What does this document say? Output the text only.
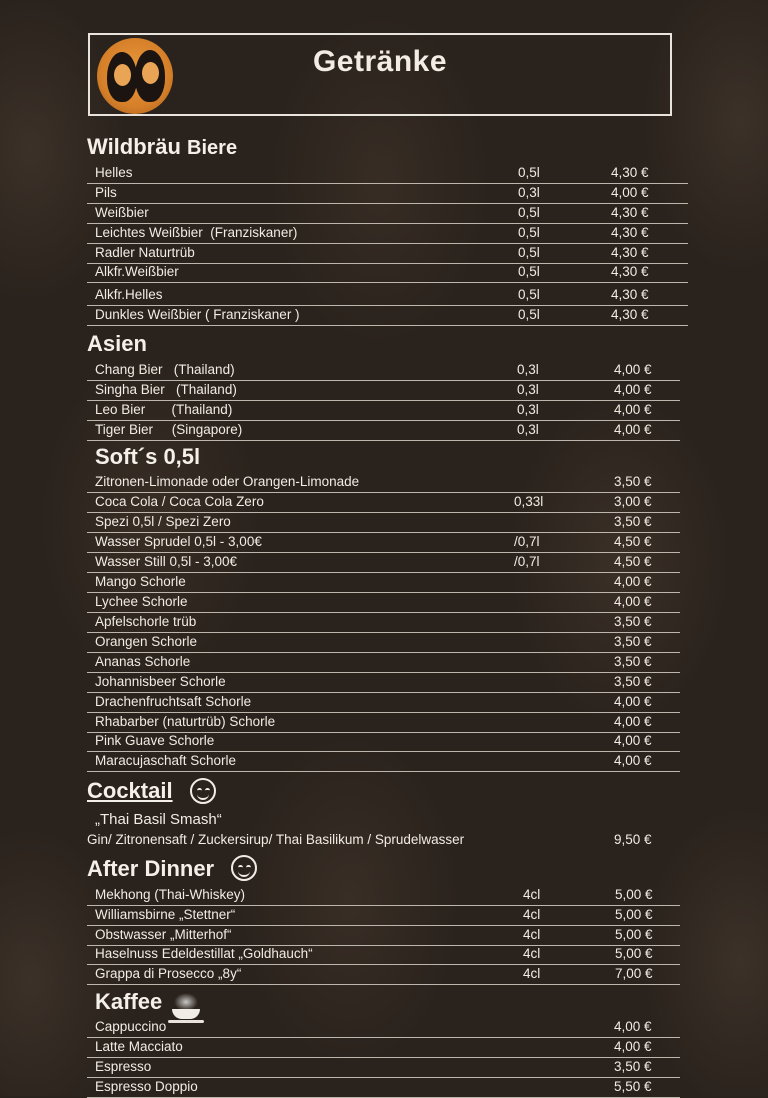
Getränke
Wildbräu Biere
Helles	0,5l	4,30 €
Pils	0,3l	4,00 €
Weißbier	0,5l	4,30 €
Leichtes Weißbier  (Franziskaner)	0,5l	4,30 €
Radler Naturtrüb	0,5l	4,30 €
Alkfr.Weißbier	0,5l	4,30 €
Alkfr.Helles	0,5l	4,30 €
Dunkles Weißbier ( Franziskaner )	0,5l	4,30 €
Asien
Chang Bier   (Thailand)	0,3l	4,00 €
Singha Bier   (Thailand)	0,3l	4,00 €
Leo Bier       (Thailand)	0,3l	4,00 €
Tiger Bier     (Singapore)	0,3l	4,00 €
Soft´s 0,5l
Zitronen-Limonade oder Orangen-Limonade	3,50 €
Coca Cola / Coca Cola Zero	0,33l	3,00 €
Spezi 0,5l / Spezi Zero	3,50 €
Wasser Sprudel 0,5l - 3,00€	/0,7l	4,50 €
Wasser Still 0,5l - 3,00€	/0,7l	4,50 €
Mango Schorle	4,00 €
Lychee Schorle	4,00 €
Apfelschorle trüb	3,50 €
Orangen Schorle	3,50 €
Ananas Schorle	3,50 €
Johannisbeer Schorle	3,50 €
Drachenfruchtsaft Schorle	4,00 €
Rhabarber (naturtrüb) Schorle	4,00 €
Pink Guave Schorle	4,00 €
Maracujaschaft Schorle	4,00 €
Cocktail
„Thai Basil Smash“
Gin/ Zitronensaft / Zuckersirup/ Thai Basilikum / Sprudelwasser	9,50 €
After Dinner
Mekhong (Thai-Whiskey)	4cl	5,00 €
Williamsbirne „Stettner“	4cl	5,00 €
Obstwasser „Mitterhof“	4cl	5,00 €
Haselnuss Edeldestillat „Goldhauch“	4cl	5,00 €
Grappa di Prosecco „8y“	4cl	7,00 €
Kaffee
Cappuccino	4,00 €
Latte Macciato	4,00 €
Espresso	3,50 €
Espresso Doppio	5,50 €
